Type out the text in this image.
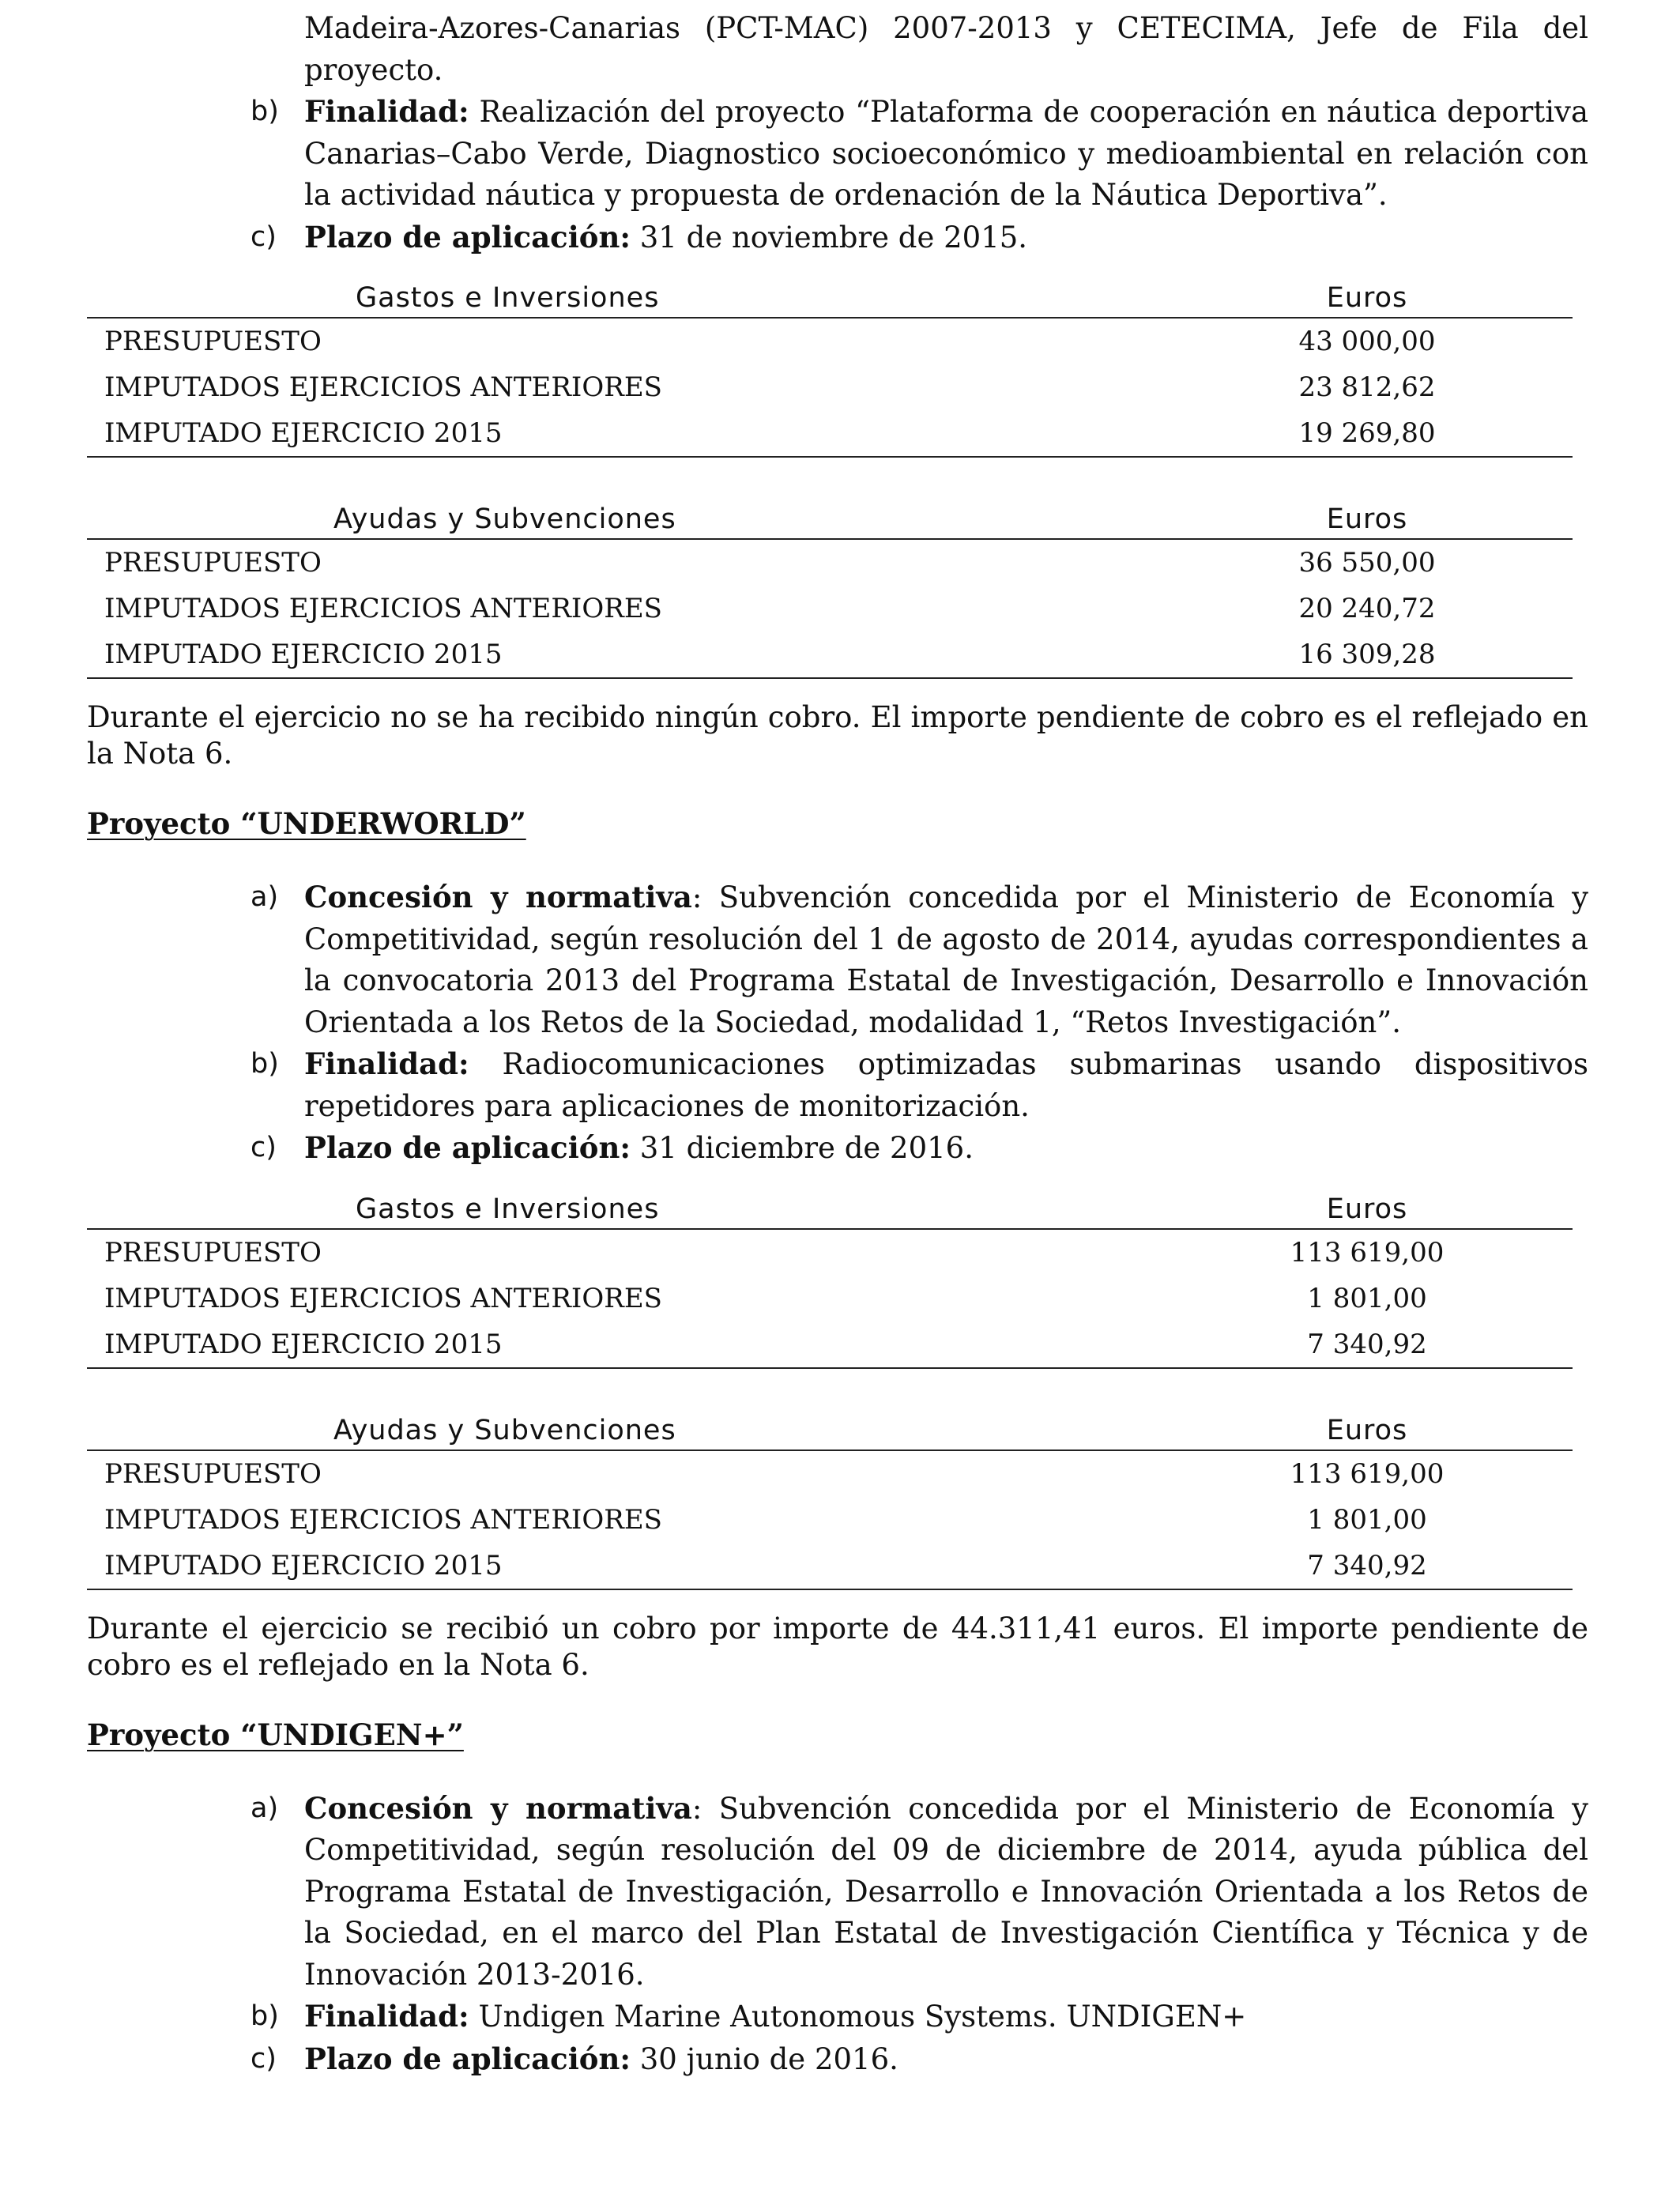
Madeira-Azores-Canarias (PCT-MAC) 2007-2013 y CETECIMA, Jefe de Fila del proyecto.
b) Finalidad: Realización del proyecto “Plataforma de cooperación en náutica deportiva Canarias–Cabo Verde, Diagnostico socioeconómico y medioambiental en relación con la actividad náutica y propuesta de ordenación de la Náutica Deportiva”.
c) Plazo de aplicación: 31 de noviembre de 2015.
Gastos e Inversiones	Euros
PRESUPUESTO	43 000,00
IMPUTADOS EJERCICIOS ANTERIORES	23 812,62
IMPUTADO EJERCICIO 2015	19 269,80
Ayudas y Subvenciones	Euros
PRESUPUESTO	36 550,00
IMPUTADOS EJERCICIOS ANTERIORES	20 240,72
IMPUTADO EJERCICIO 2015	16 309,28

Durante el ejercicio no se ha recibido ningún cobro. El importe pendiente de cobro es el reflejado en la Nota 6.

Proyecto “UNDERWORLD”

a) Concesión y normativa: Subvención concedida por el Ministerio de Economía y Competitividad, según resolución del 1 de agosto de 2014, ayudas correspondientes a la convocatoria 2013 del Programa Estatal de Investigación, Desarrollo e Innovación Orientada a los Retos de la Sociedad, modalidad 1, “Retos Investigación”.
b) Finalidad: Radiocomunicaciones optimizadas submarinas usando dispositivos repetidores para aplicaciones de monitorización.
c) Plazo de aplicación: 31 diciembre de 2016.
Gastos e Inversiones	Euros
PRESUPUESTO	113 619,00
IMPUTADOS EJERCICIOS ANTERIORES	1 801,00
IMPUTADO EJERCICIO 2015	7 340,92
Ayudas y Subvenciones	Euros
PRESUPUESTO	113 619,00
IMPUTADOS EJERCICIOS ANTERIORES	1 801,00
IMPUTADO EJERCICIO 2015	7 340,92

Durante el ejercicio se recibió un cobro por importe de 44.311,41 euros. El importe pendiente de cobro es el reflejado en la Nota 6.

Proyecto “UNDIGEN+”

a) Concesión y normativa: Subvención concedida por el Ministerio de Economía y Competitividad, según resolución del 09 de diciembre de 2014, ayuda pública del Programa Estatal de Investigación, Desarrollo e Innovación Orientada a los Retos de la Sociedad, en el marco del Plan Estatal de Investigación Científica y Técnica y de Innovación 2013-2016.
b) Finalidad: Undigen Marine Autonomous Systems. UNDIGEN+
c) Plazo de aplicación: 30 junio de 2016.
